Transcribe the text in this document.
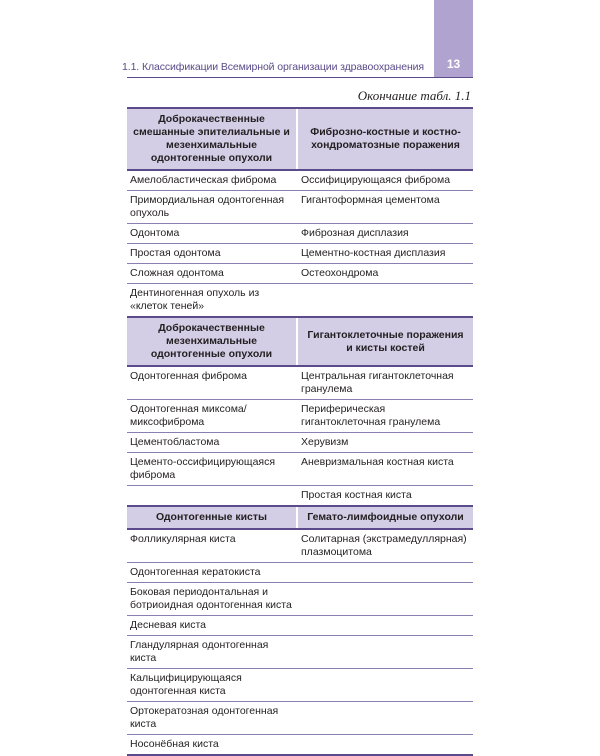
1.1. Классификации Всемирной организации здравоохранения	13
Окончание табл. 1.1
Доброкачественные смешанные эпителиальные и мезенхимальные одонтогенные опухоли	Фиброзно-костные и костно-хондроматозные поражения
Амелобластическая фиброма	Оссифицирующаяся фиброма
Примордиальная одонтогенная опухоль	Гигантоформная цементома
Одонтома	Фиброзная дисплазия
Простая одонтома	Цементно-костная дисплазия
Сложная одонтома	Остеохондрома
Дентиногенная опухоль из «клеток теней»	
Доброкачественные мезенхимальные одонтогенные опухоли	Гигантоклеточные поражения и кисты костей
Одонтогенная фиброма	Центральная гигантоклеточная гранулема
Одонтогенная миксома/ миксофиброма	Периферическая гигантоклеточная гранулема
Цементобластома	Херувизм
Цементо-оссифицирующаяся фиброма	Аневризмальная костная киста
	Простая костная киста
Одонтогенные кисты	Гемато-лимфоидные опухоли
Фолликулярная киста	Солитарная (экстрамедуллярная) плазмоцитома
Одонтогенная кератокиста	
Боковая периодонтальная и ботриоидная одонтогенная киста	
Десневая киста	
Гландулярная одонтогенная киста	
Кальцифицирующаяся одонтогенная киста	
Ортокератозная одонтогенная киста	
Носонёбная киста	
